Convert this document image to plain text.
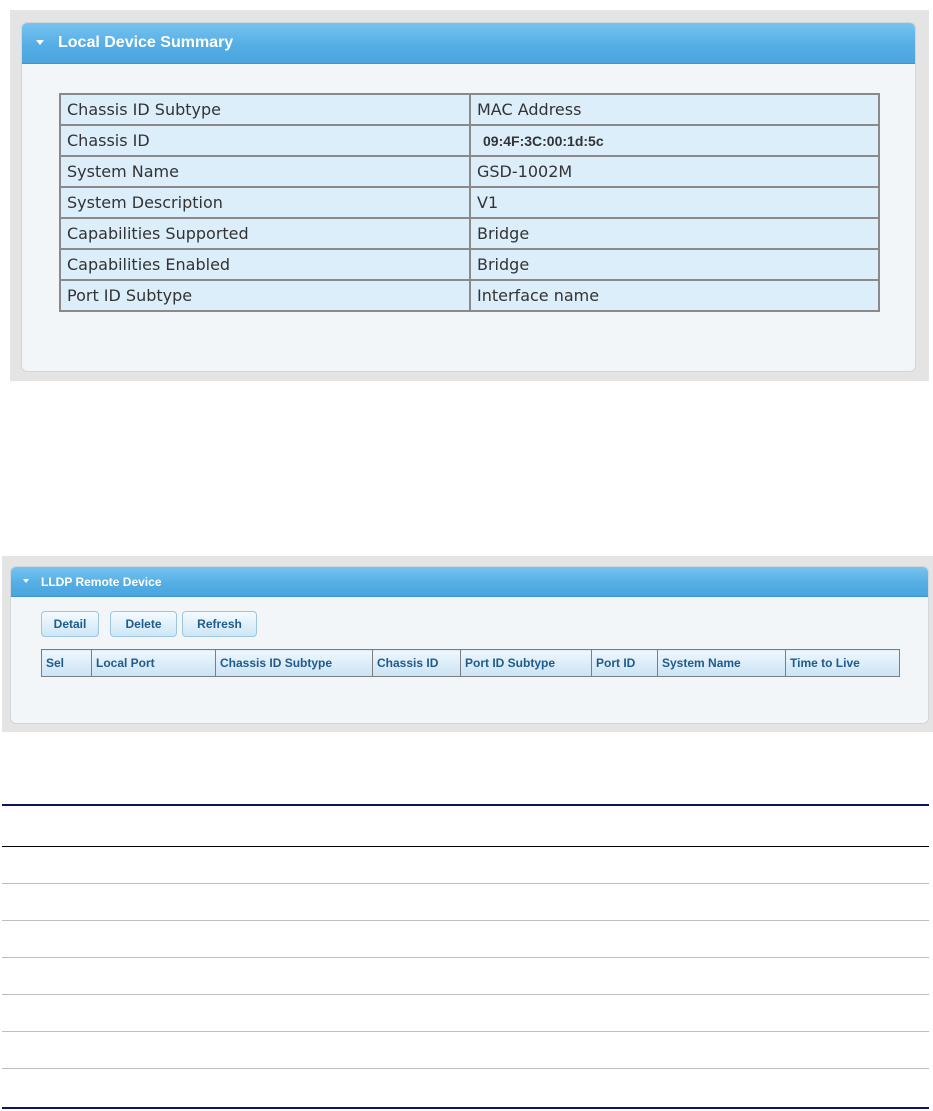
Local Device Summary
Chassis ID Subtype	MAC Address
Chassis ID	09:4F:3C:00:1d:5c
System Name	GSD-1002M
System Description	V1
Capabilities Supported	Bridge
Capabilities Enabled	Bridge
Port ID Subtype	Interface name
LLDP Remote Device
Detail	Delete	Refresh
Sel	Local Port	Chassis ID Subtype	Chassis ID	Port ID Subtype	Port ID	System Name	Time to Live
